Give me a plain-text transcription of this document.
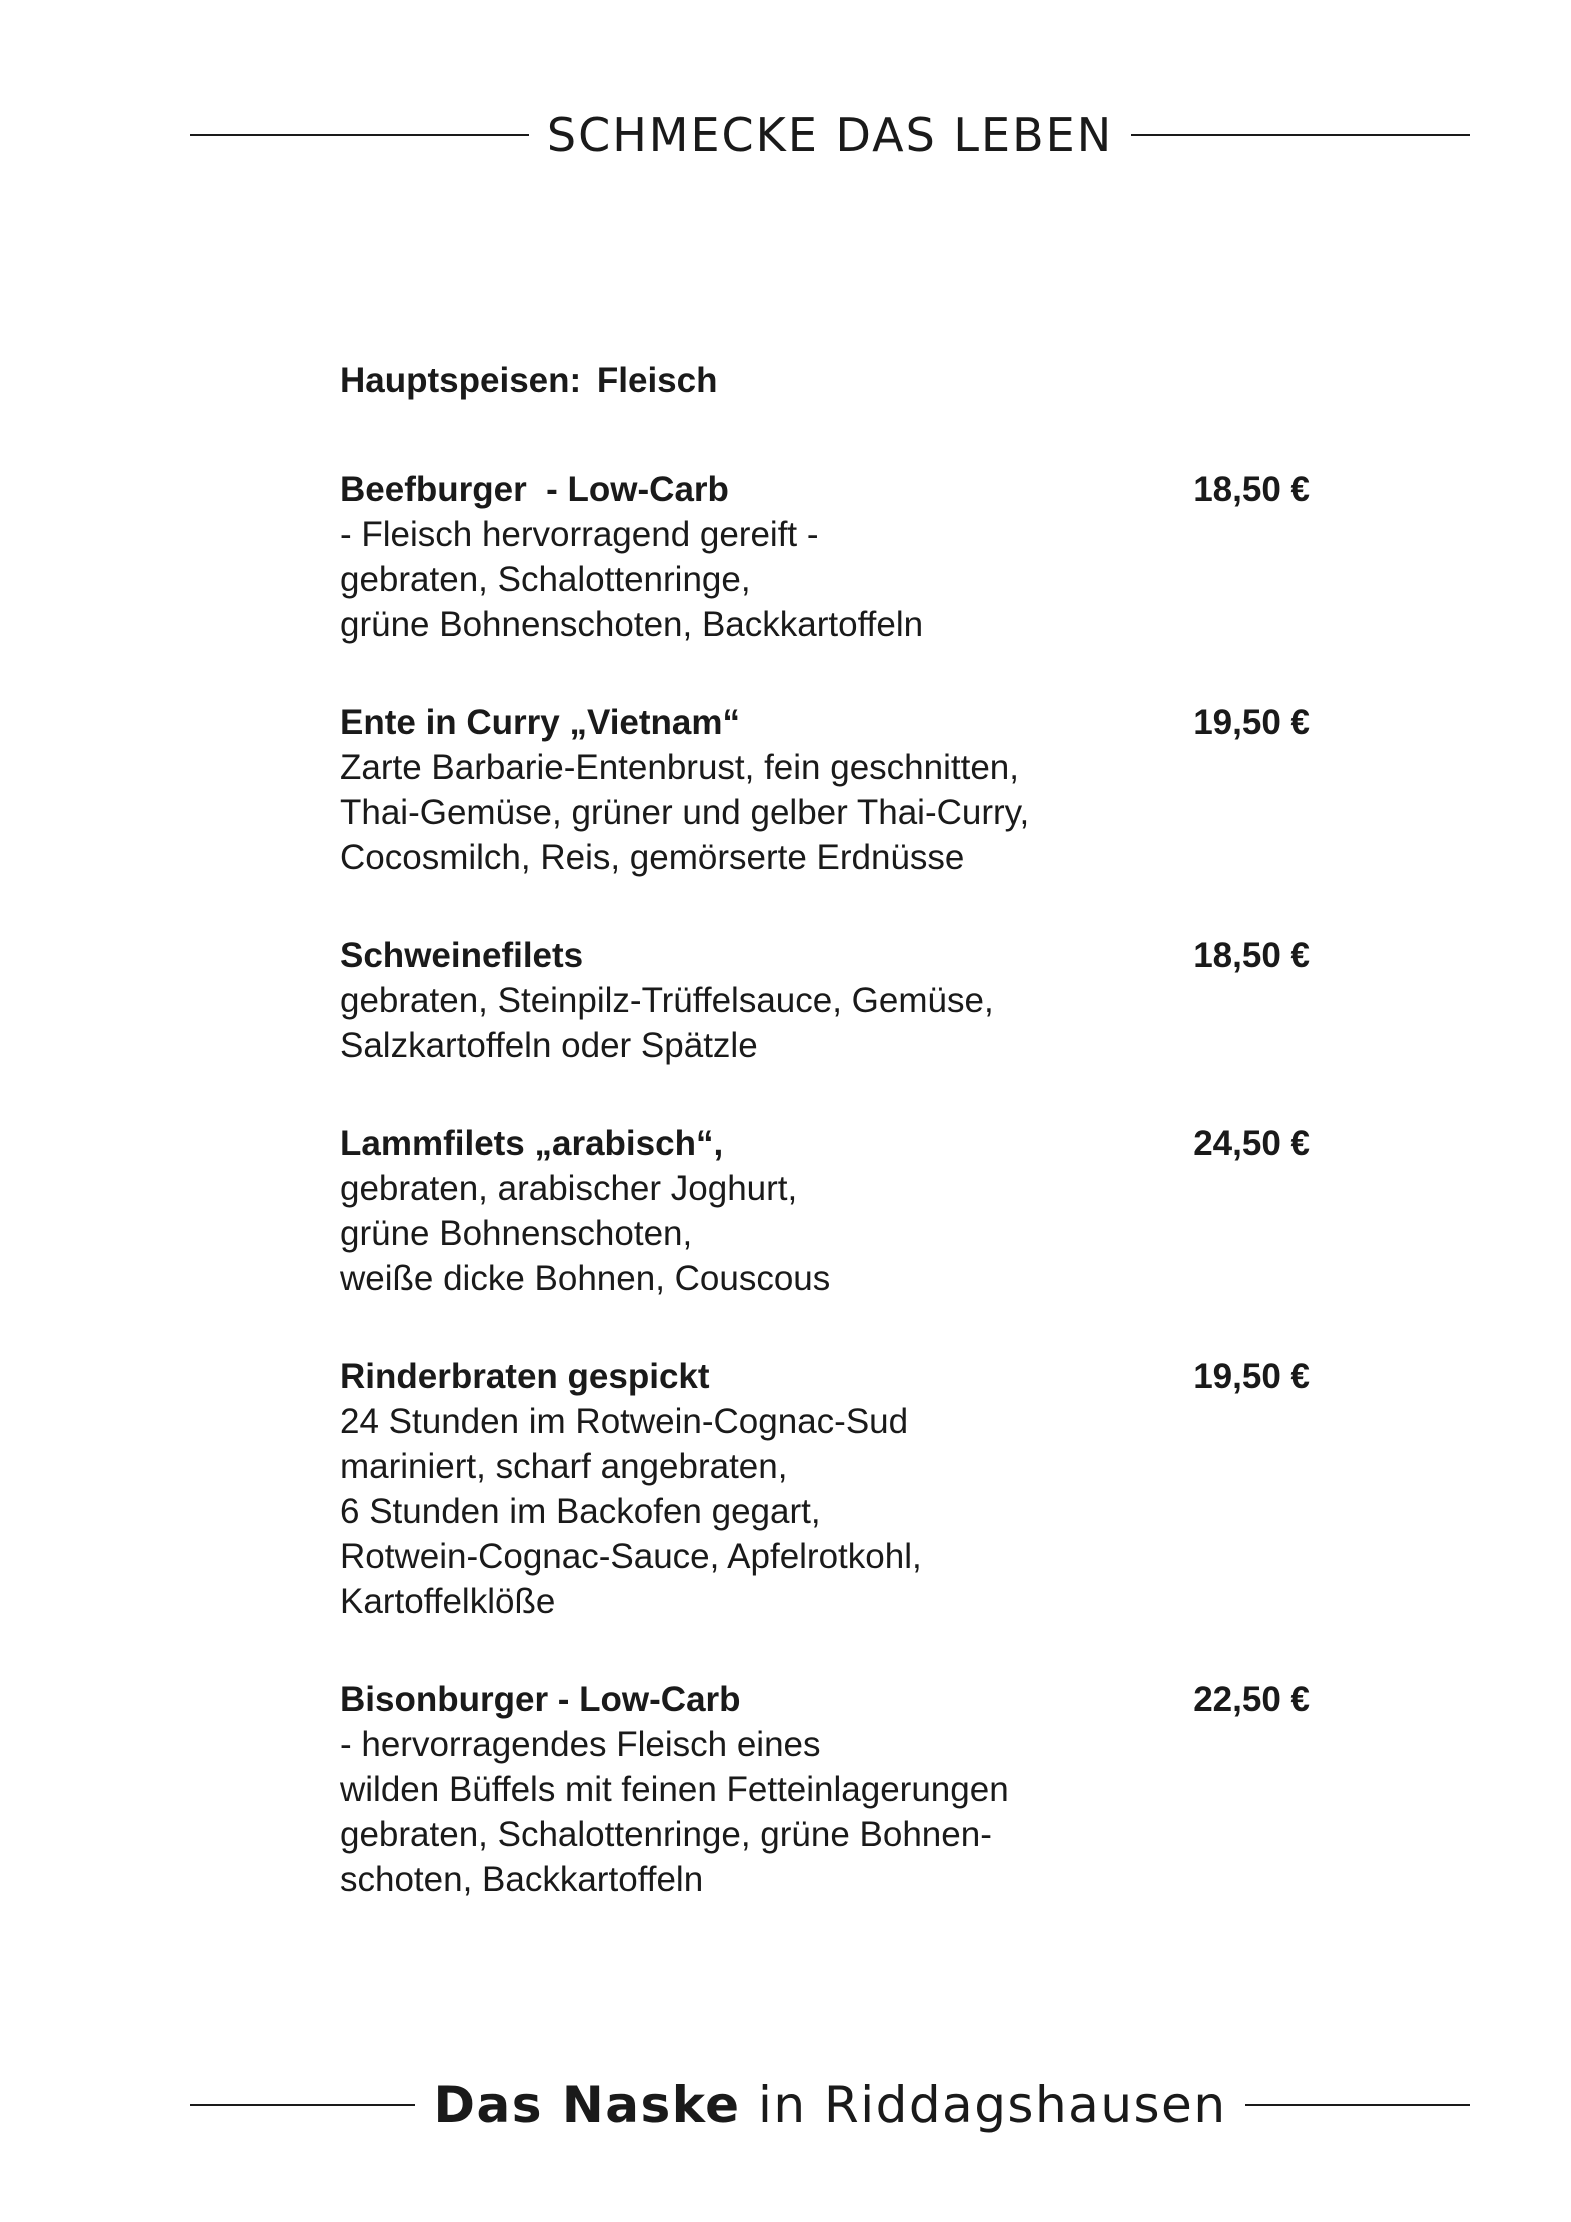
SCHMECKE DAS LEBEN
Hauptspeisen: Fleisch
Beefburger  - Low-Carb	18,50 €
- Fleisch hervorragend gereift -
gebraten, Schalottenringe,
grüne Bohnenschoten, Backkartoffeln
Ente in Curry „Vietnam“	19,50 €
Zarte Barbarie-Entenbrust, fein geschnitten,
Thai-Gemüse, grüner und gelber Thai-Curry,
Cocosmilch, Reis, gemörserte Erdnüsse
Schweinefilets	18,50 €
gebraten, Steinpilz-Trüffelsauce, Gemüse,
Salzkartoffeln oder Spätzle
Lammfilets „arabisch“,	24,50 €
gebraten, arabischer Joghurt,
grüne Bohnenschoten,
weiße dicke Bohnen, Couscous
Rinderbraten gespickt	19,50 €
24 Stunden im Rotwein-Cognac-Sud
mariniert, scharf angebraten,
6 Stunden im Backofen gegart,
Rotwein-Cognac-Sauce, Apfelrotkohl,
Kartoffelklöße
Bisonburger - Low-Carb	22,50 €
- hervorragendes Fleisch eines
wilden Büffels mit feinen Fetteinlagerungen
gebraten, Schalottenringe, grüne Bohnen-
schoten, Backkartoffeln
Das Naske in Riddagshausen
